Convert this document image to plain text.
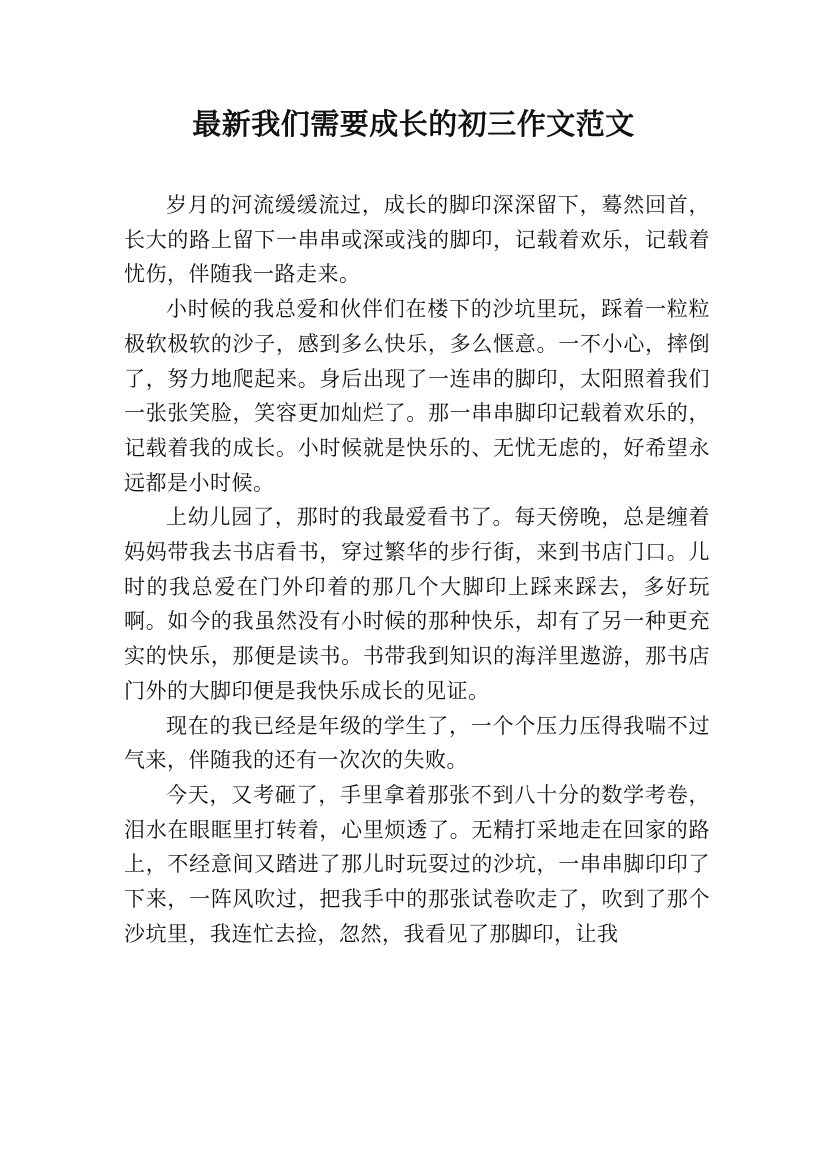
最新我们需要成长的初三作文范文

岁月的河流缓缓流过，成长的脚印深深留下，蓦然回首，长大的路上留下一串串或深或浅的脚印，记载着欢乐，记载着忧伤，伴随我一路走来。

小时候的我总爱和伙伴们在楼下的沙坑里玩，踩着一粒粒极软极软的沙子，感到多么快乐，多么惬意。一不小心，摔倒了，努力地爬起来。身后出现了一连串的脚印，太阳照着我们一张张笑脸，笑容更加灿烂了。那一串串脚印记载着欢乐的，记载着我的成长。小时候就是快乐的、无忧无虑的，好希望永远都是小时候。

上幼儿园了，那时的我最爱看书了。每天傍晚，总是缠着妈妈带我去书店看书，穿过繁华的步行街，来到书店门口。儿时的我总爱在门外印着的那几个大脚印上踩来踩去，多好玩啊。如今的我虽然没有小时候的那种快乐，却有了另一种更充实的快乐，那便是读书。书带我到知识的海洋里遨游，那书店门外的大脚印便是我快乐成长的见证。

现在的我已经是年级的学生了，一个个压力压得我喘不过气来，伴随我的还有一次次的失败。

今天，又考砸了，手里拿着那张不到八十分的数学考卷，泪水在眼眶里打转着，心里烦透了。无精打采地走在回家的路上，不经意间又踏进了那儿时玩耍过的沙坑，一串串脚印印了下来，一阵风吹过，把我手中的那张试卷吹走了，吹到了那个沙坑里，我连忙去捡，忽然，我看见了那脚印，让我
